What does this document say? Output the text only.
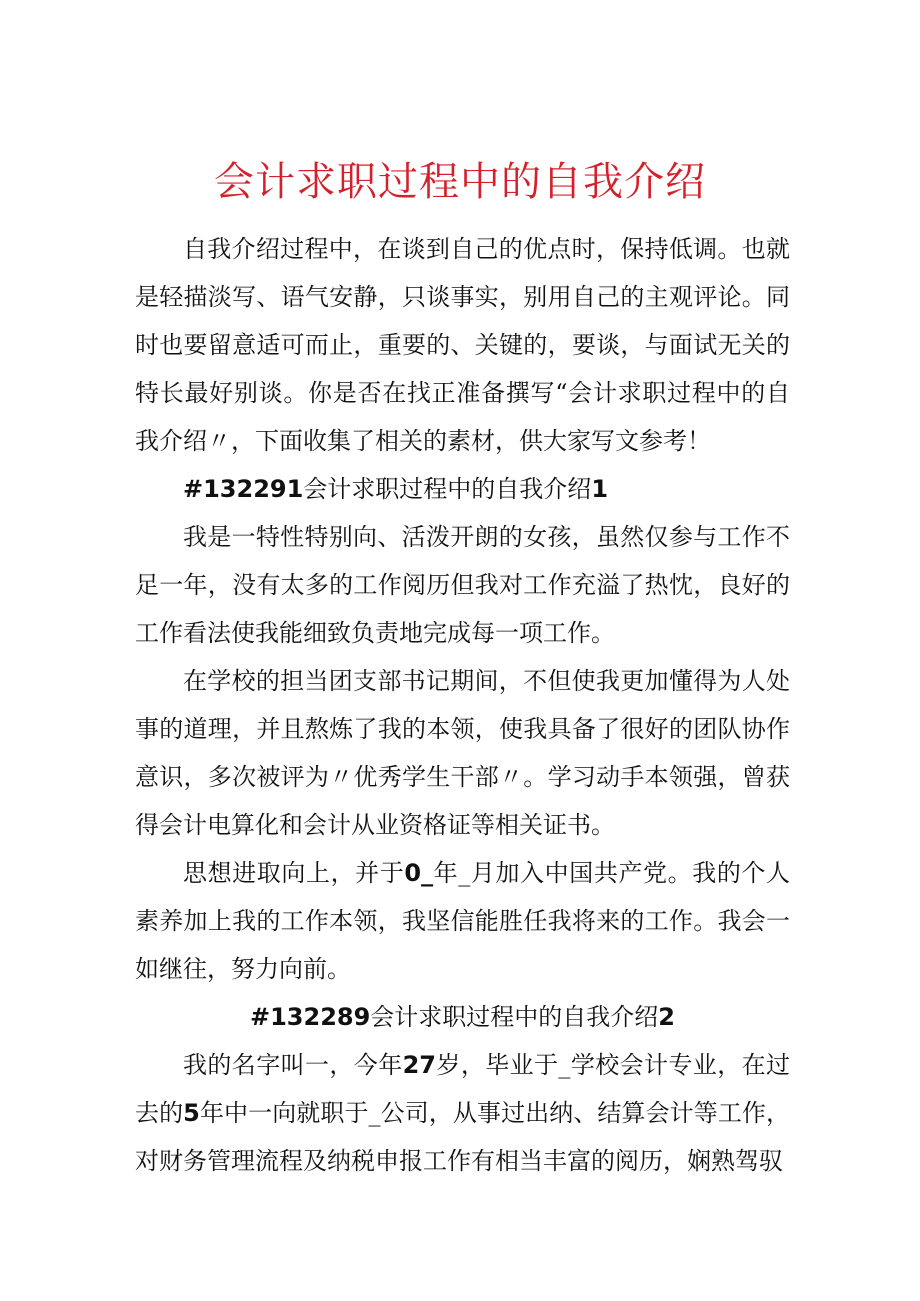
会计求职过程中的自我介绍

自我介绍过程中，在谈到自己的优点时，保持低调。也就是轻描淡写、语气安静，只谈事实，别用自己的主观评论。同时也要留意适可而止，重要的、关键的，要谈，与面试无关的特长最好别谈。你是否在找正准备撰写“会计求职过程中的自我介绍〃，下面收集了相关的素材，供大家写文参考！

#132291会计求职过程中的自我介绍1

我是一特性特别向、活泼开朗的女孩，虽然仅参与工作不足一年，没有太多的工作阅历但我对工作充溢了热忱，良好的工作看法使我能细致负责地完成每一项工作。

在学校的担当团支部书记期间，不但使我更加懂得为人处事的道理，并且熬炼了我的本领，使我具备了很好的团队协作意识，多次被评为〃优秀学生干部〃。学习动手本领强，曾获得会计电算化和会计从业资格证等相关证书。

思想进取向上，并于0_年_月加入中国共产党。我的个人素养加上我的工作本领，我坚信能胜任我将来的工作。我会一如继往，努力向前。

#132289会计求职过程中的自我介绍2

我的名字叫一，今年27岁，毕业于_学校会计专业，在过去的5年中一向就职于_公司，从事过出纳、结算会计等工作，对财务管理流程及纳税申报工作有相当丰富的阅历，娴熟驾驭
